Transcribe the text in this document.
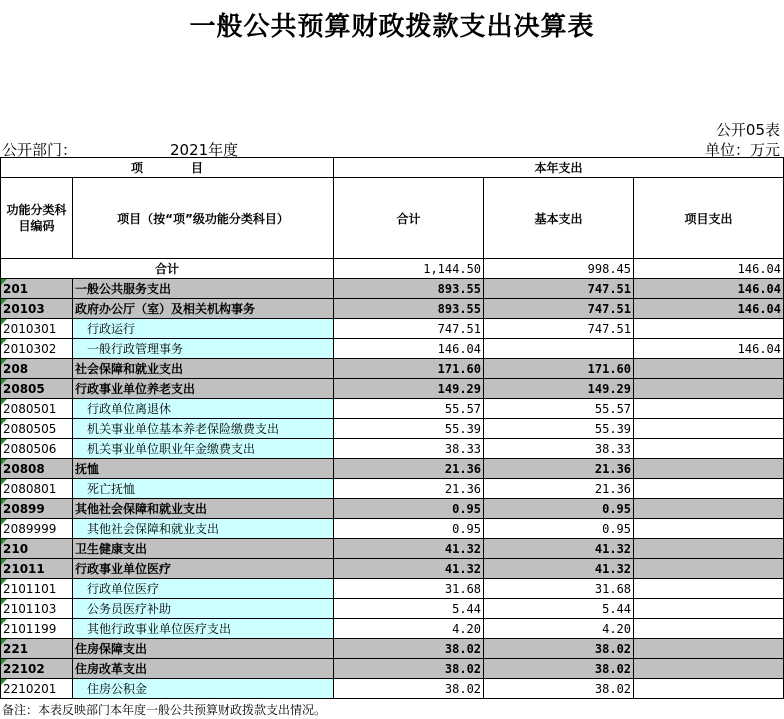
一般公共预算财政拨款支出决算表
公开05表
公开部门：	2021年度	单位：万元
项　　　　目		本年支出		
功能分类科目编码	项目（按“项”级功能分类科目）	合计	基本支出	项目支出
合计		1,144.50	998.45	146.04

201	一般公共服务支出	893.55	747.51	146.04

20103	政府办公厅（室）及相关机构事务	893.55	747.51	146.04

2010301	行政运行	747.51	747.51	

2010302	一般行政管理事务	146.04		146.04

208	社会保障和就业支出	171.60	171.60	

20805	行政事业单位养老支出	149.29	149.29	

2080501	行政单位离退休	55.57	55.57	

2080505	机关事业单位基本养老保险缴费支出	55.39	55.39	

2080506	机关事业单位职业年金缴费支出	38.33	38.33	

20808	抚恤	21.36	21.36	

2080801	死亡抚恤	21.36	21.36	

20899	其他社会保障和就业支出	0.95	0.95	

2089999	其他社会保障和就业支出	0.95	0.95	

210	卫生健康支出	41.32	41.32	

21011	行政事业单位医疗	41.32	41.32	

2101101	行政单位医疗	31.68	31.68	

2101103	公务员医疗补助	5.44	5.44	

2101199	其他行政事业单位医疗支出	4.20	4.20	

221	住房保障支出	38.02	38.02	

22102	住房改革支出	38.02	38.02	

2210201	住房公积金	38.02	38.02	
备注：本表反映部门本年度一般公共预算财政拨款支出情况。
